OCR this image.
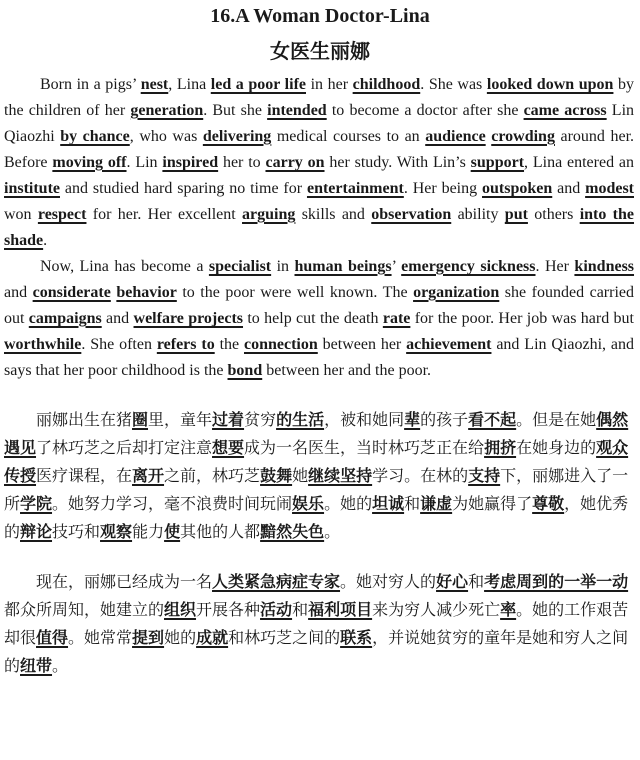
16.A Woman Doctor-Lina
女医生丽娜

Born in a pigs’ nest, Lina led a poor life in her childhood. She was looked down upon by the children of her generation. But she intended to become a doctor after she came across Lin Qiaozhi by chance, who was delivering medical courses to an audience crowding around her. Before moving off. Lin inspired her to carry on her study. With Lin’s support, Lina entered an institute and studied hard sparing no time for entertainment. Her being outspoken and modest won respect for her. Her excellent arguing skills and observation ability put others into the shade.

Now, Lina has become a specialist in human beings’ emergency sickness. Her kindness and considerate behavior to the poor were well known. The organization she founded carried out campaigns and welfare projects to help cut the death rate for the poor. Her job was hard but worthwhile. She often refers to the connection between her achievement and Lin Qiaozhi, and says that her poor childhood is the bond between her and the poor.

丽娜出生在猪圈里，童年过着贫穷的生活，被和她同辈的孩子看不起。但是在她偶然遇见了林巧芝之后却打定注意想要成为一名医生，当时林巧芝正在给拥挤在她身边的观众传授医疗课程，在离开之前，林巧芝鼓舞她继续坚持学习。在林的支持下，丽娜进入了一所学院。她努力学习，毫不浪费时间玩闹娱乐。她的坦诚和谦虚为她赢得了尊敬，她优秀的辩论技巧和观察能力使其他的人都黯然失色。

现在，丽娜已经成为一名人类紧急病症专家。她对穷人的好心和考虑周到的一举一动都众所周知，她建立的组织开展各种活动和福利项目来为穷人减少死亡率。她的工作艰苦却很值得。她常常提到她的成就和林巧芝之间的联系，并说她贫穷的童年是她和穷人之间的纽带。
